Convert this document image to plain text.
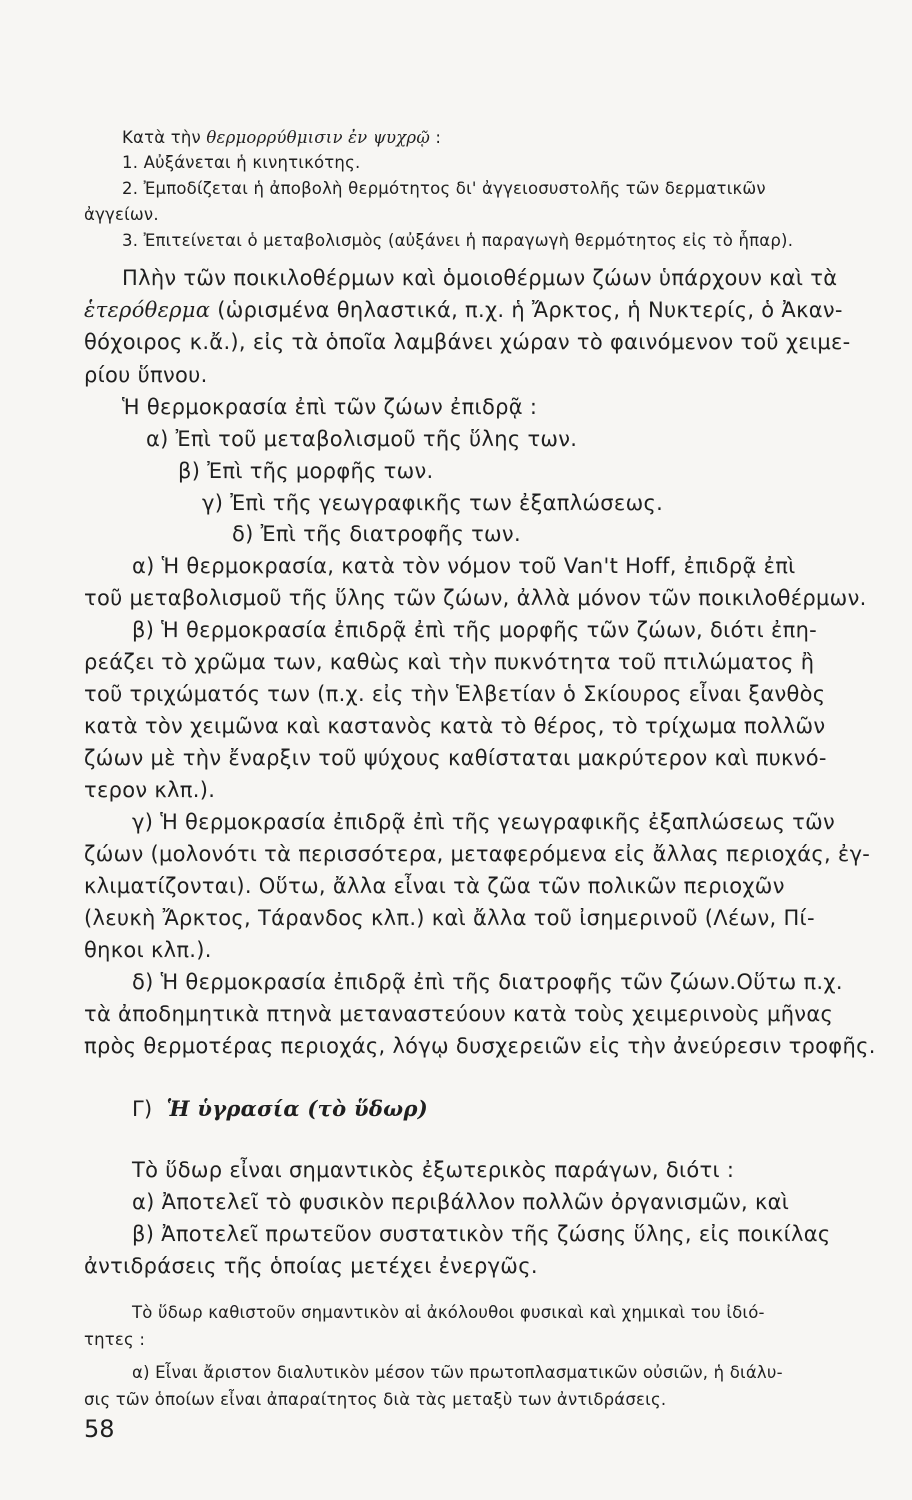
Κατὰ τὴν θερμορρύθμισιν ἐν ψυχρῷ :
1. Αὐξάνεται ἡ κινητικότης.
2. Ἐμποδίζεται ἡ ἀποβολὴ θερμότητος δι' ἀγγειοσυστολῆς τῶν δερματικῶν
ἀγγείων.
3. Ἐπιτείνεται ὁ μεταβολισμὸς (αὐξάνει ἡ παραγωγὴ θερμότητος εἰς τὸ ἧπαρ).
Πλὴν τῶν ποικιλοθέρμων καὶ ὁμοιοθέρμων ζώων ὑπάρχουν καὶ τὰ
ἑτερόθερμα (ὡρισμένα θηλαστικά, π.χ. ἡ Ἄρκτος, ἡ Νυκτερίς, ὁ Ἀκαν-
θόχοιρος κ.ἄ.), εἰς τὰ ὁποῖα λαμβάνει χώραν τὸ φαινόμενον τοῦ χειμε-
ρίου ὕπνου.
Ἡ θερμοκρασία ἐπὶ τῶν ζώων ἐπιδρᾷ :
α) Ἐπὶ τοῦ μεταβολισμοῦ τῆς ὕλης των.
β) Ἐπὶ τῆς μορφῆς των.
γ) Ἐπὶ τῆς γεωγραφικῆς των ἐξαπλώσεως.
δ) Ἐπὶ τῆς διατροφῆς των.
α) Ἡ θερμοκρασία, κατὰ τὸν νόμον τοῦ Van't Hoff, ἐπιδρᾷ ἐπὶ
τοῦ μεταβολισμοῦ τῆς ὕλης τῶν ζώων, ἀλλὰ μόνον τῶν ποικιλοθέρμων.
β) Ἡ θερμοκρασία ἐπιδρᾷ ἐπὶ τῆς μορφῆς τῶν ζώων, διότι ἐπη-
ρεάζει τὸ χρῶμα των, καθὼς καὶ τὴν πυκνότητα τοῦ πτιλώματος ἢ
τοῦ τριχώματός των (π.χ. εἰς τὴν Ἑλβετίαν ὁ Σκίουρος εἶναι ξανθὸς
κατὰ τὸν χειμῶνα καὶ καστανὸς κατὰ τὸ θέρος, τὸ τρίχωμα πολλῶν
ζώων μὲ τὴν ἔναρξιν τοῦ ψύχους καθίσταται μακρύτερον καὶ πυκνό-
τερον κλπ.).
γ) Ἡ θερμοκρασία ἐπιδρᾷ ἐπὶ τῆς γεωγραφικῆς ἐξαπλώσεως τῶν
ζώων (μολονότι τὰ περισσότερα, μεταφερόμενα εἰς ἄλλας περιοχάς, ἐγ-
κλιματίζονται). Οὕτω, ἄλλα εἶναι τὰ ζῶα τῶν πολικῶν περιοχῶν
(λευκὴ Ἄρκτος, Τάρανδος κλπ.) καὶ ἄλλα τοῦ ἰσημερινοῦ (Λέων, Πί-
θηκοι κλπ.).
δ) Ἡ θερμοκρασία ἐπιδρᾷ ἐπὶ τῆς διατροφῆς τῶν ζώων.Οὕτω π.χ.
τὰ ἀποδημητικὰ πτηνὰ μεταναστεύουν κατὰ τοὺς χειμερινοὺς μῆνας
πρὸς θερμοτέρας περιοχάς, λόγῳ δυσχερειῶν εἰς τὴν ἀνεύρεσιν τροφῆς.
Γ) Ἡ ὑγρασία (τὸ ὕδωρ)
Τὸ ὕδωρ εἶναι σημαντικὸς ἐξωτερικὸς παράγων, διότι :
α) Ἀποτελεῖ τὸ φυσικὸν περιβάλλον πολλῶν ὀργανισμῶν, καὶ
β) Ἀποτελεῖ πρωτεῦον συστατικὸν τῆς ζώσης ὕλης, εἰς ποικίλας
ἀντιδράσεις τῆς ὁποίας μετέχει ἐνεργῶς.
Τὸ ὕδωρ καθιστοῦν σημαντικὸν αἱ ἀκόλουθοι φυσικαὶ καὶ χημικαὶ του ἰδιό-
τητες :
α) Εἶναι ἄριστον διαλυτικὸν μέσον τῶν πρωτοπλασματικῶν οὐσιῶν, ἡ διάλυ-
σις τῶν ὁποίων εἶναι ἀπαραίτητος διὰ τὰς μεταξὺ των ἀντιδράσεις.
58
